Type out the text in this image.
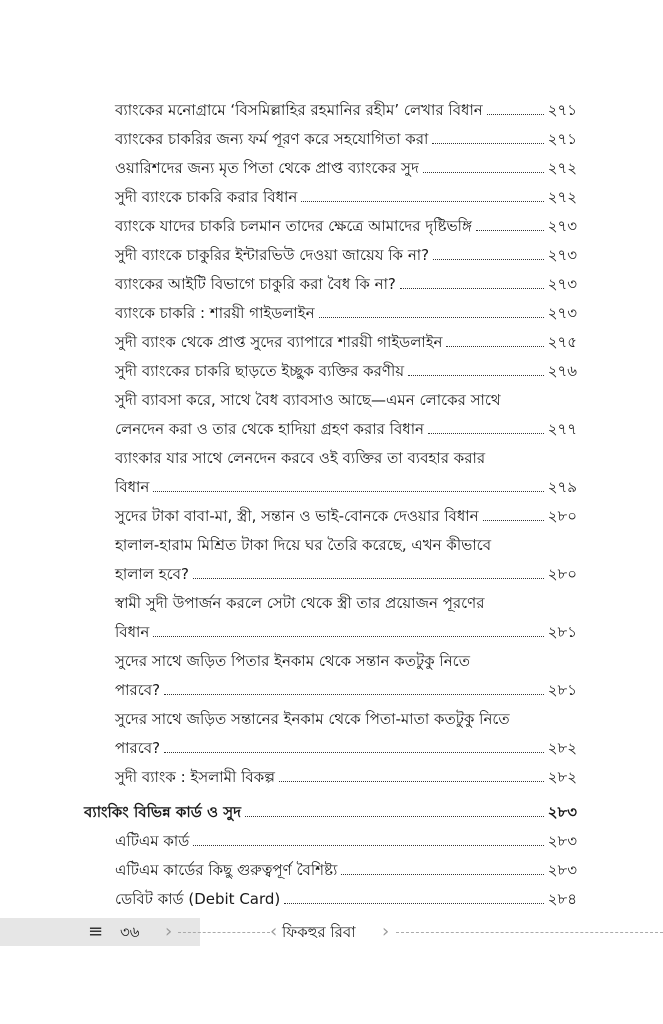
ব্যাংকের মনোগ্রামে ‘বিসমিল্লাহির রহমানির রহীম’ লেখার বিধান	২৭১
ব্যাংকের চাকরির জন্য ফর্ম পূরণ করে সহযোগিতা করা	২৭১
ওয়ারিশদের জন্য মৃত পিতা থেকে প্রাপ্ত ব্যাংকের সুদ	২৭২
সুদী ব্যাংকে চাকরি করার বিধান	২৭২
ব্যাংকে যাদের চাকরি চলমান তাদের ক্ষেত্রে আমাদের দৃষ্টিভঙ্গি	২৭৩
সুদী ব্যাংকে চাকুরির ইন্টারভিউ দেওয়া জায়েয কি না?	২৭৩
ব্যাংকের আইটি বিভাগে চাকুরি করা বৈধ কি না?	২৭৩
ব্যাংকে চাকরি : শারয়ী গাইডলাইন	২৭৩
সুদী ব্যাংক থেকে প্রাপ্ত সুদের ব্যাপারে শারয়ী গাইডলাইন	২৭৫
সুদী ব্যাংকের চাকরি ছাড়তে ইচ্ছুক ব্যক্তির করণীয়	২৭৬
সুদী ব্যাবসা করে, সাথে বৈধ ব্যাবসাও আছে—এমন লোকের সাথে
লেনদেন করা ও তার থেকে হাদিয়া গ্রহণ করার বিধান	২৭৭
ব্যাংকার যার সাথে লেনদেন করবে ওই ব্যক্তির তা ব্যবহার করার
বিধান	২৭৯
সুদের টাকা বাবা-মা, স্ত্রী, সন্তান ও ভাই-বোনকে দেওয়ার বিধান	২৮০
হালাল-হারাম মিশ্রিত টাকা দিয়ে ঘর তৈরি করেছে, এখন কীভাবে
হালাল হবে?	২৮০
স্বামী সুদী উপার্জন করলে সেটা থেকে স্ত্রী তার প্রয়োজন পূরণের
বিধান	২৮১
সুদের সাথে জড়িত পিতার ইনকাম থেকে সন্তান কতটুকু নিতে
পারবে?	২৮১
সুদের সাথে জড়িত সন্তানের ইনকাম থেকে পিতা-মাতা কতটুকু নিতে
পারবে?	২৮২
সুদী ব্যাংক : ইসলামী বিকল্প	২৮২
ব্যাংকিং বিভিন্ন কার্ড ও সুদ	২৮৩
এটিএম কার্ড	২৮৩
এটিএম কার্ডের কিছু গুরুত্বপূর্ণ বৈশিষ্ট্য	২৮৩
ডেবিট কার্ড (Debit Card)	২৮৪
≡	৩৬ ›	‹ ফিকহুর রিবা ›
